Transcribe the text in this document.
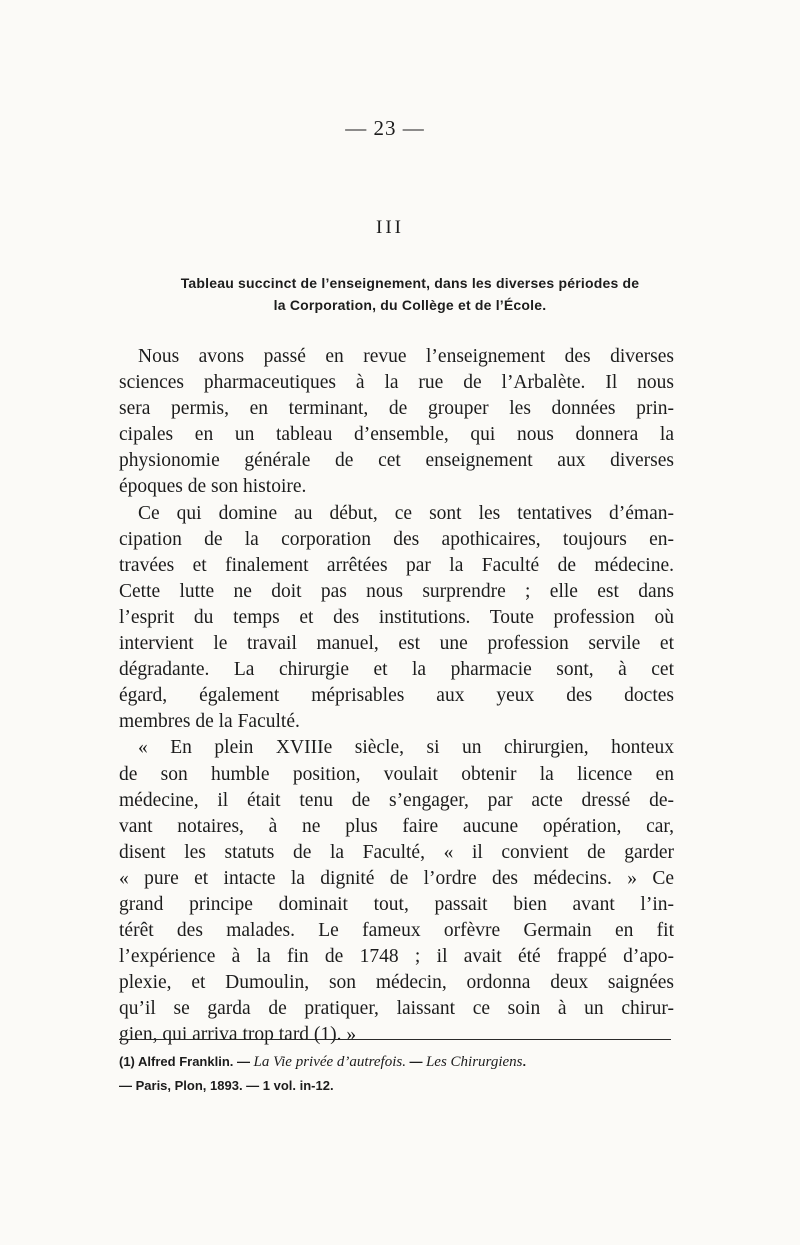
— 23 —
III
Tableau succinct de l’enseignement, dans les diverses périodes de
la Corporation, du Collège et de l’École.
Nous avons passé en revue l’enseignement des diverses
sciences pharmaceutiques à la rue de l’Arbalète. Il nous
sera permis, en terminant, de grouper les données prin-
cipales en un tableau d’ensemble, qui nous donnera la
physionomie générale de cet enseignement aux diverses
époques de son histoire.
Ce qui domine au début, ce sont les tentatives d’éman-
cipation de la corporation des apothicaires, toujours en-
travées et finalement arrêtées par la Faculté de médecine.
Cette lutte ne doit pas nous surprendre ; elle est dans
l’esprit du temps et des institutions. Toute profession où
intervient le travail manuel, est une profession servile et
dégradante. La chirurgie et la pharmacie sont, à cet
égard, également méprisables aux yeux des doctes
membres de la Faculté.
« En plein XVIIIe siècle, si un chirurgien, honteux
de son humble position, voulait obtenir la licence en
médecine, il était tenu de s’engager, par acte dressé de-
vant notaires, à ne plus faire aucune opération, car,
disent les statuts de la Faculté, « il convient de garder
« pure et intacte la dignité de l’ordre des médecins. » Ce
grand principe dominait tout, passait bien avant l’in-
térêt des malades. Le fameux orfèvre Germain en fit
l’expérience à la fin de 1748 ; il avait été frappé d’apo-
plexie, et Dumoulin, son médecin, ordonna deux saignées
qu’il se garda de pratiquer, laissant ce soin à un chirur-
gien, qui arriva trop tard (1). »
(1) Alfred Franklin. — La Vie privée d’autrefois. — Les Chirurgiens.
— Paris, Plon, 1893. — 1 vol. in-12.
